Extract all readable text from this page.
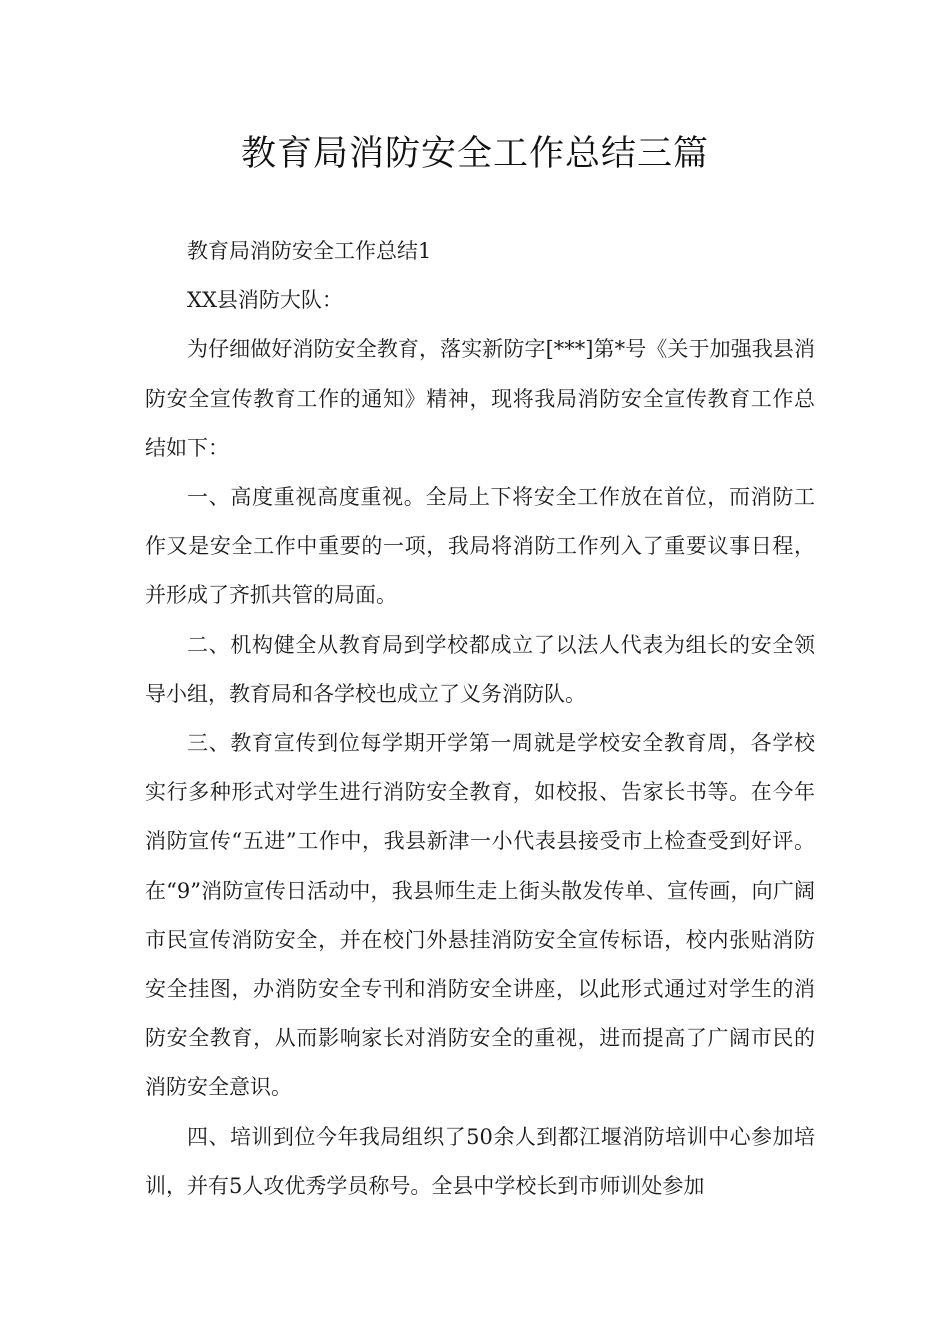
教育局消防安全工作总结三篇

教育局消防安全工作总结1

XX县消防大队：

为仔细做好消防安全教育，落实新防字[***]第*号《关于加强我县消防安全宣传教育工作的通知》精神，现将我局消防安全宣传教育工作总结如下：

一、高度重视高度重视。全局上下将安全工作放在首位，而消防工作又是安全工作中重要的一项，我局将消防工作列入了重要议事日程，并形成了齐抓共管的局面。

二、机构健全从教育局到学校都成立了以法人代表为组长的安全领导小组，教育局和各学校也成立了义务消防队。

三、教育宣传到位每学期开学第一周就是学校安全教育周，各学校实行多种形式对学生进行消防安全教育，如校报、告家长书等。在今年消防宣传“五进”工作中，我县新津一小代表县接受市上检查受到好评。在“9”消防宣传日活动中，我县师生走上街头散发传单、宣传画，向广阔市民宣传消防安全，并在校门外悬挂消防安全宣传标语，校内张贴消防安全挂图，办消防安全专刊和消防安全讲座，以此形式通过对学生的消防安全教育，从而影响家长对消防安全的重视，进而提高了广阔市民的消防安全意识。

四、培训到位今年我局组织了50余人到都江堰消防培训中心参加培训，并有5人攻优秀学员称号。全县中学校长到市师训处参加
